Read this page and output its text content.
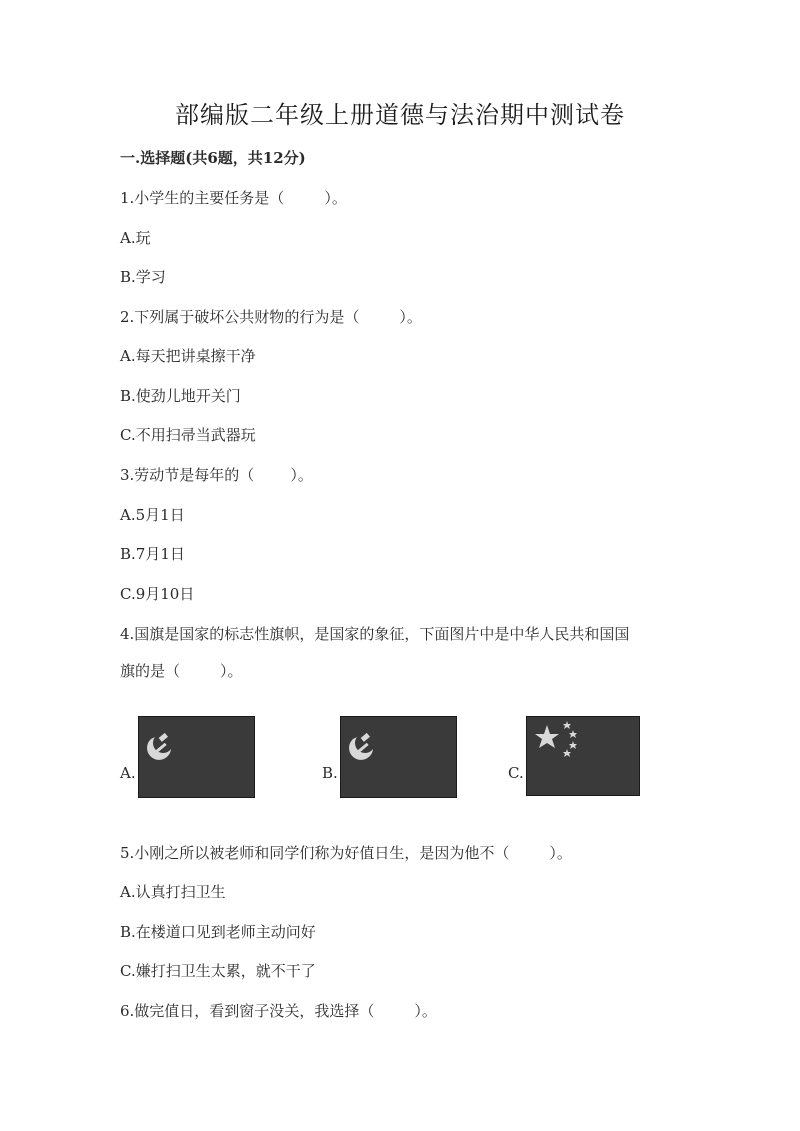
部编版二年级上册道德与法治期中测试卷
一.选择题(共6题，共12分)
1.小学生的主要任务是（	）。
A.玩
B.学习
2.下列属于破坏公共财物的行为是（	）。
A.每天把讲桌擦干净
B.使劲儿地开关门
C.不用扫帚当武器玩
3.劳动节是每年的（ ）。
A.5月1日
B.7月1日
C.9月10日
4.国旗是国家的标志性旗帜，是国家的象征，下面图片中是中华人民共和国国
旗的是（	）。
A.	B.	C.
5.小刚之所以被老师和同学们称为好值日生，是因为他不（	）。
A.认真打扫卫生
B.在楼道口见到老师主动问好
C.嫌打扫卫生太累，就不干了
6.做完值日，看到窗子没关，我选择（	）。
